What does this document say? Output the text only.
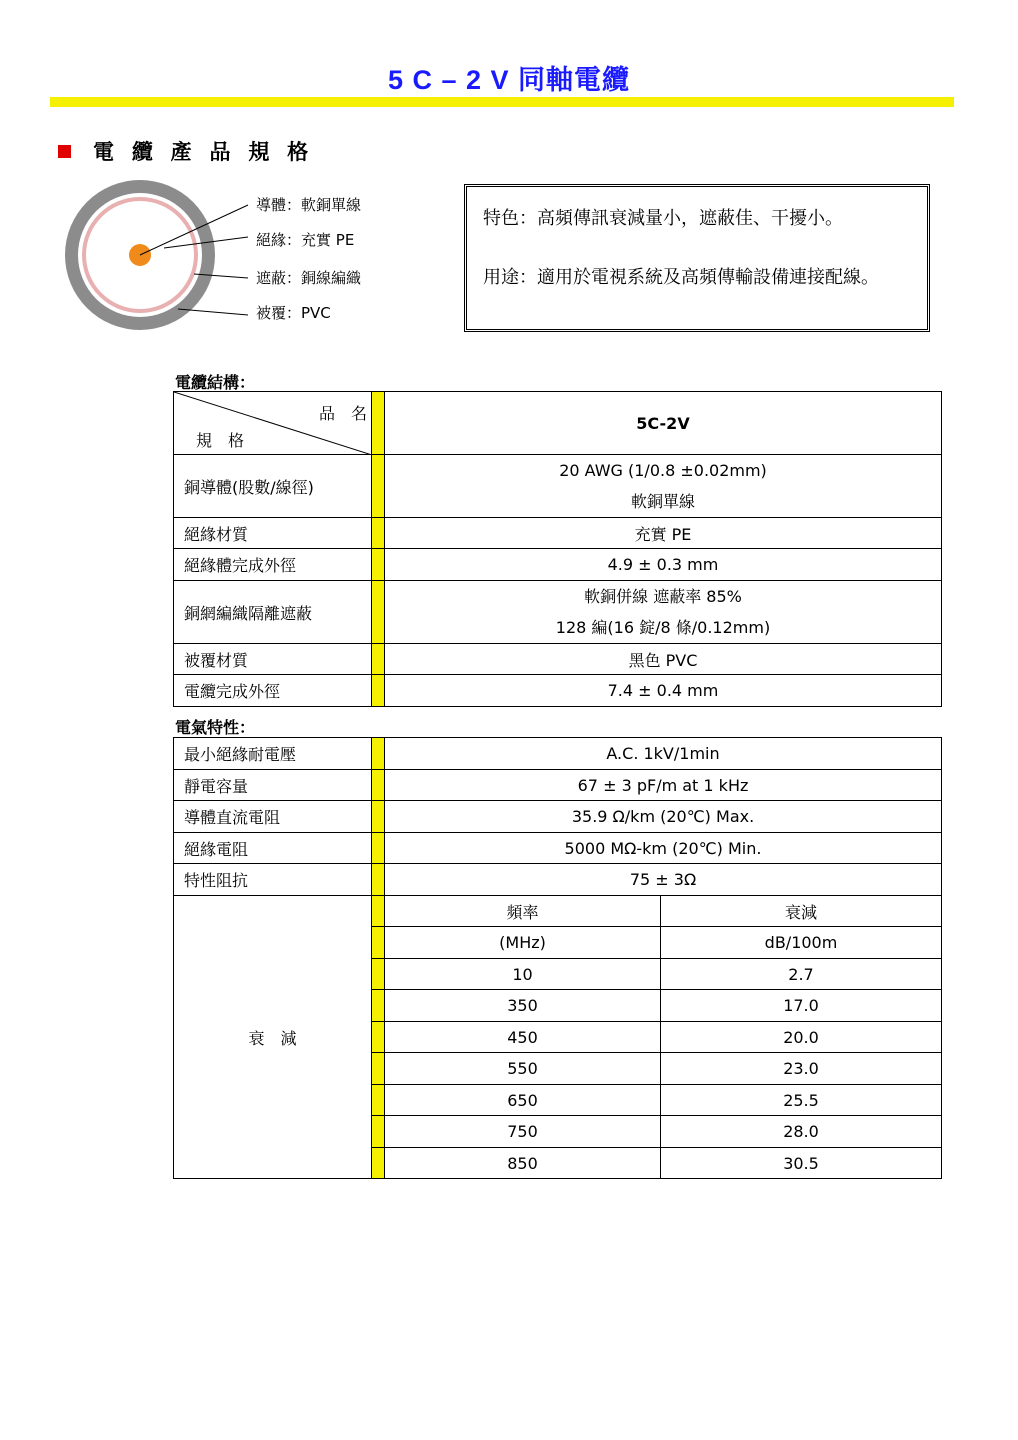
5 C – 2 V 同軸電纜
電 纜 產 品 規 格
導體：軟銅單線
絕緣：充實 PE
遮蔽：銅線編織
被覆：PVC
特色：高頻傳訊衰減量小，遮蔽佳、干擾小。
用途：適用於電視系統及高頻傳輸設備連接配線。
電纜結構：
品　名
規　格		5C-2V
銅導體(股數/線徑)		20 AWG (1/0.8 ±0.02mm)
軟銅單線

絕緣材質		充實 PE
絕緣體完成外徑		4.9 ± 0.3 mm
銅網編織隔離遮蔽		軟銅併線 遮蔽率 85%
128 編(16 錠/8 條/0.12mm)

被覆材質		黑色 PVC
電纜完成外徑		7.4 ± 0.4 mm
電氣特性：
最小絕緣耐電壓		A.C. 1kV/1min	
靜電容量		67 ± 3 pF/m at 1 kHz	
導體直流電阻		35.9 Ω/km (20℃) Max.	
絕緣電阻		5000 MΩ-km (20℃) Min.	
特性阻抗		75 ± 3Ω	
衰　減		頻率	衰減
		(MHz)	dB/100m
		10	2.7
		350	17.0
		450	20.0
		550	23.0
		650	25.5
		750	28.0
		850	30.5
